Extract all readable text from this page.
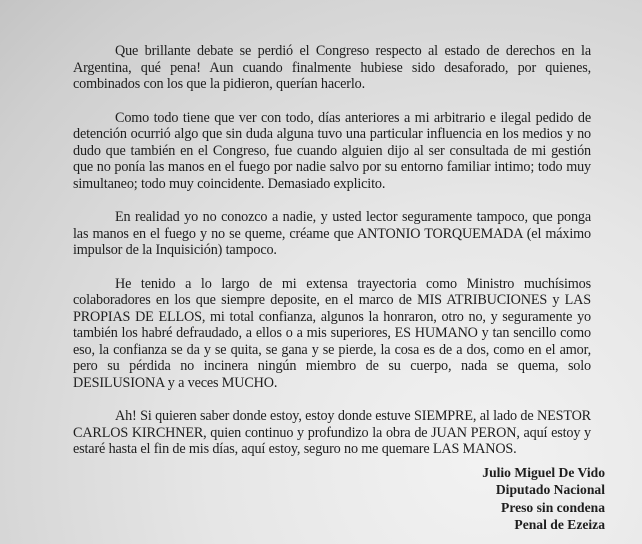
Que brillante debate se perdió el Congreso respecto al estado de derechos en la Argentina, qué pena! Aun cuando finalmente hubiese sido desaforado, por quienes, combinados con los que la pidieron, querían hacerlo.

Como todo tiene que ver con todo, días anteriores a mi arbitrario e ilegal pedido de detención ocurrió algo que sin duda alguna tuvo una particular influencia en los medios y no dudo que también en el Congreso, fue cuando alguien dijo al ser consultada de mi gestión que no ponía las manos en el fuego por nadie salvo por su entorno familiar intimo; todo muy simultaneo; todo muy coincidente. Demasiado explicito.

En realidad yo no conozco a nadie, y usted lector seguramente tampoco, que ponga las manos en el fuego y no se queme, créame que ANTONIO TORQUEMADA (el máximo impulsor de la Inquisición) tampoco.

He tenido a lo largo de mi extensa trayectoria como Ministro muchísimos colaboradores en los que siempre deposite, en el marco de MIS ATRIBUCIONES y LAS PROPIAS DE ELLOS, mi total confianza, algunos la honraron, otro no, y seguramente yo también los habré defraudado, a ellos o a mis superiores, ES HUMANO y tan sencillo como eso, la confianza se da y se quita, se gana y se pierde, la cosa es de a dos, como en el amor, pero su pérdida no incinera ningún miembro de su cuerpo, nada se quema, solo DESILUSIONA y a veces MUCHO.

Ah! Si quieren saber donde estoy, estoy donde estuve SIEMPRE, al lado de NESTOR CARLOS KIRCHNER, quien continuo y profundizo la obra de JUAN PERON, aquí estoy y estaré hasta el fin de mis días, aquí estoy, seguro no me quemare LAS MANOS.

Julio Miguel De Vido
Diputado Nacional
Preso sin condena
Penal de Ezeiza
